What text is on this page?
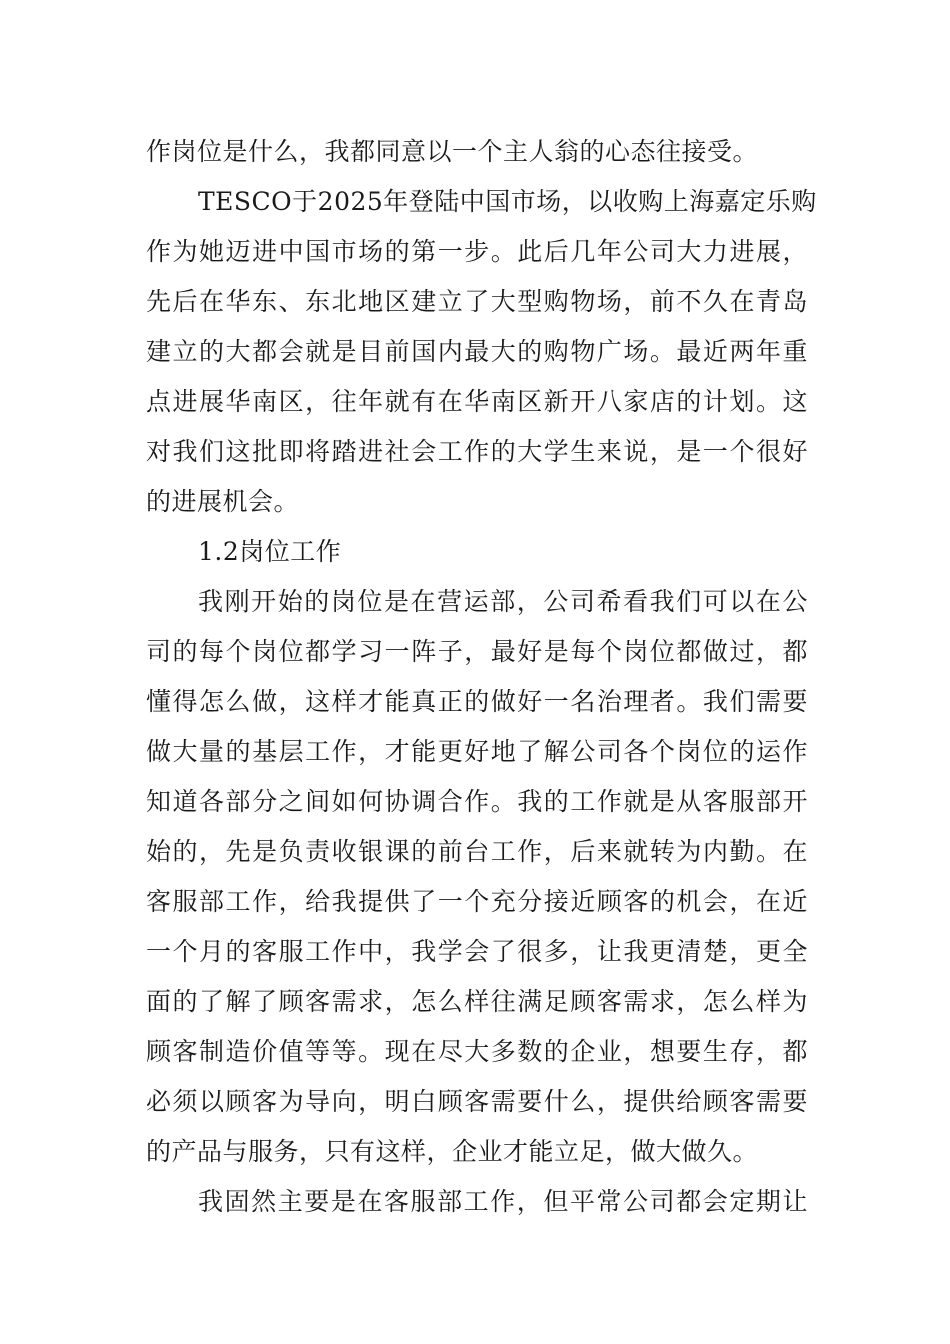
作岗位是什么，我都同意以一个主人翁的心态往接受。
TESCO于2025年登陆中国市场，以收购上海嘉定乐购
作为她迈进中国市场的第一步。此后几年公司大力进展，
先后在华东、东北地区建立了大型购物场，前不久在青岛
建立的大都会就是目前国内最大的购物广场。最近两年重
点进展华南区，往年就有在华南区新开八家店的计划。这
对我们这批即将踏进社会工作的大学生来说，是一个很好
的进展机会。
1.2岗位工作
我刚开始的岗位是在营运部，公司希看我们可以在公
司的每个岗位都学习一阵子，最好是每个岗位都做过，都
懂得怎么做，这样才能真正的做好一名治理者。我们需要
做大量的基层工作，才能更好地了解公司各个岗位的运作
知道各部分之间如何协调合作。我的工作就是从客服部开
始的，先是负责收银课的前台工作，后来就转为内勤。在
客服部工作，给我提供了一个充分接近顾客的机会，在近
一个月的客服工作中，我学会了很多，让我更清楚，更全
面的了解了顾客需求，怎么样往满足顾客需求，怎么样为
顾客制造价值等等。现在尽大多数的企业，想要生存，都
必须以顾客为导向，明白顾客需要什么，提供给顾客需要
的产品与服务，只有这样，企业才能立足，做大做久。
我固然主要是在客服部工作，但平常公司都会定期让
